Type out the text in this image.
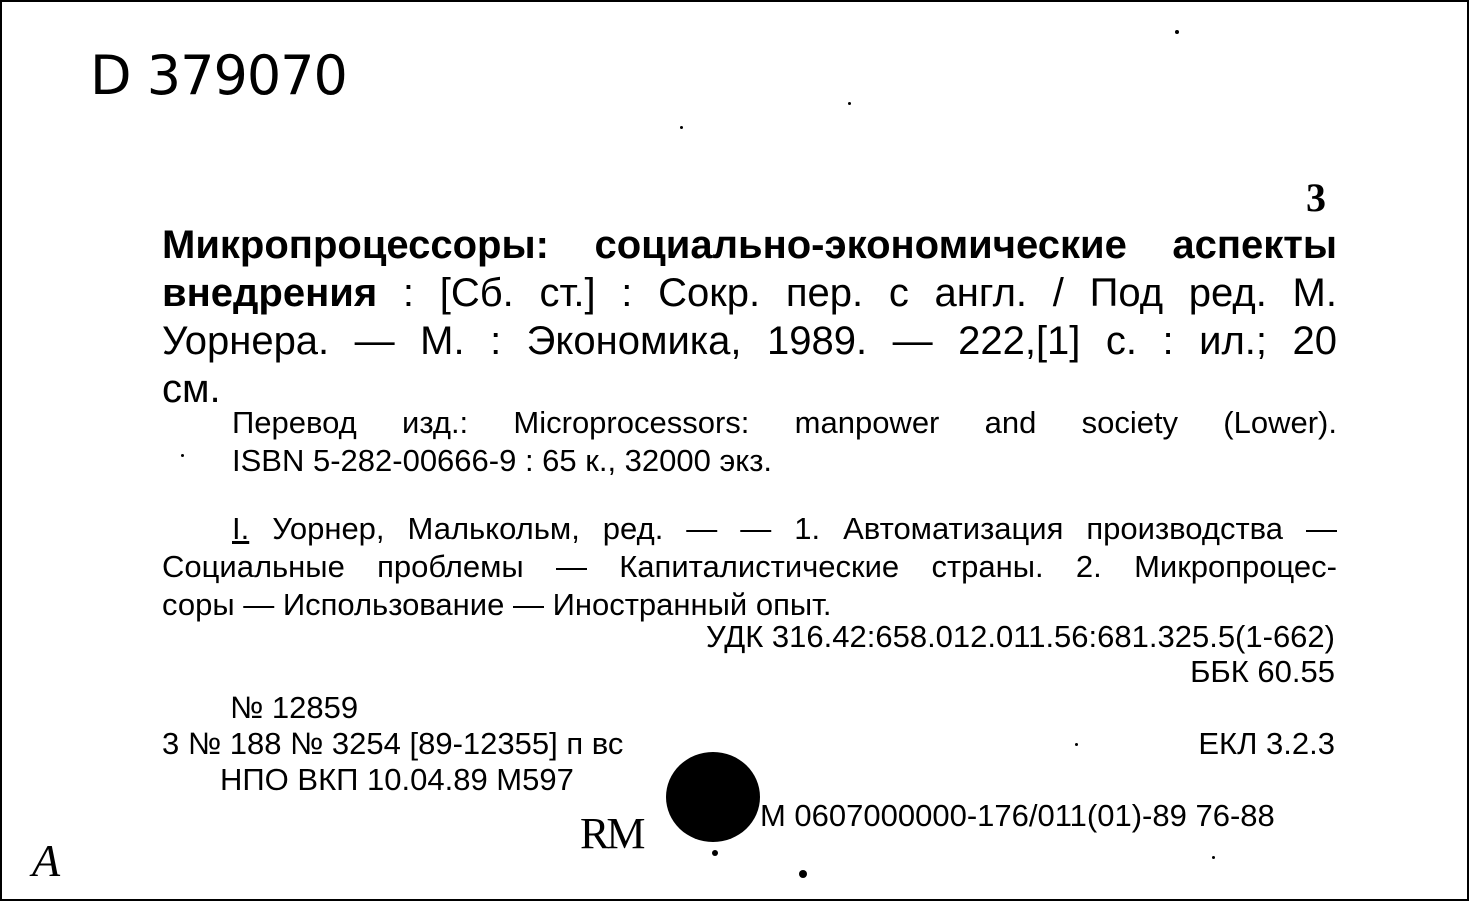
D 379070
3
Микропроцессоры: социально-экономические аспекты
внедрения : [Сб. ст.] : Сокр. пер. с англ. / Под ред. М.
Уорнера. — М. : Экономика, 1989. — 222,[1] с. : ил.; 20
см.
Перевод изд.: Microprocessors: manpower and society (Lower).
ISBN 5-282-00666-9 : 65 к., 32000 экз.
I. Уорнер, Малькольм, ред. — — 1. Автоматизация производства —
Социальные проблемы — Капиталистические страны. 2. Микропроцес-
соры — Использование — Иностранный опыт.
УДК 316.42:658.012.011.56:681.325.5(1-662)
ББК 60.55
№ 12859
3 № 188 № 3254 [89-12355] п вс	ЕКЛ 3.2.3
НПО ВКП 10.04.89 М597
М 0607000000-176/011(01)-89 76-88
RM
А
